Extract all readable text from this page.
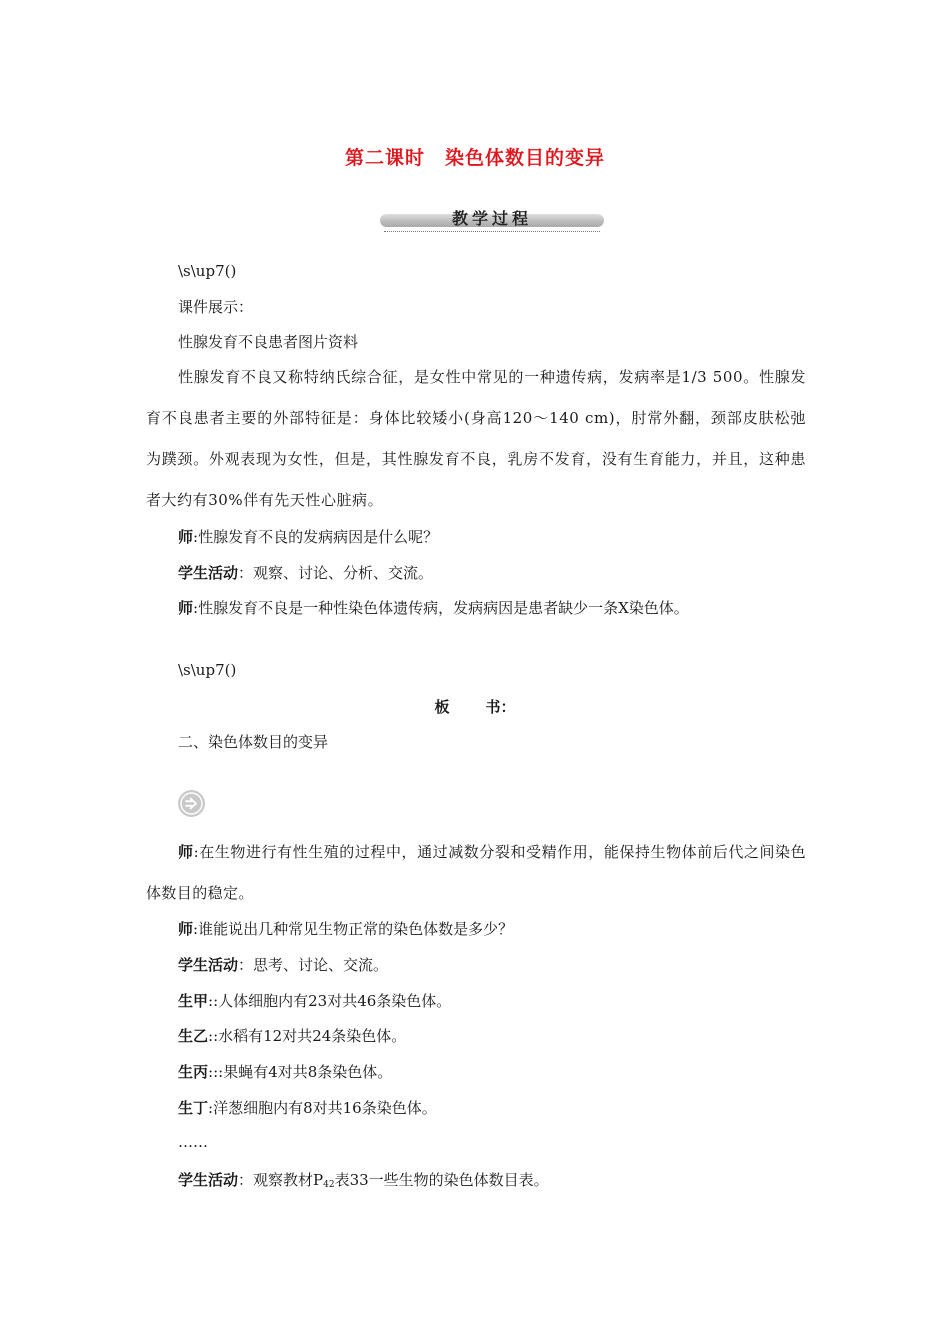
第二课时　染色体数目的变异
教学过程
\s\up7()
课件展示：
性腺发育不良患者图片资料
性腺发育不良又称特纳氏综合征，是女性中常见的一种遗传病，发病率是1/3 500。性腺发育不良患者主要的外部特征是：身体比较矮小(身高120～140 cm)，肘常外翻，颈部皮肤松弛为蹼颈。外观表现为女性，但是，其性腺发育不良，乳房不发育，没有生育能力，并且，这种患者大约有30%伴有先天性心脏病。
师:性腺发育不良的发病病因是什么呢？
学生活动：观察、讨论、分析、交流。
师:性腺发育不良是一种性染色体遗传病，发病病因是患者缺少一条X染色体。
\s\up7()
板 书：
二、染色体数目的变异
师:在生物进行有性生殖的过程中，通过减数分裂和受精作用，能保持生物体前后代之间染色体数目的稳定。
师:谁能说出几种常见生物正常的染色体数是多少？
学生活动：思考、讨论、交流。
生甲::人体细胞内有23对共46条染色体。
生乙::水稻有12对共24条染色体。
生丙:::果蝇有4对共8条染色体。
生丁:洋葱细胞内有8对共16条染色体。
……
学生活动：观察教材$P_{42}$表33一些生物的染色体数目表。
